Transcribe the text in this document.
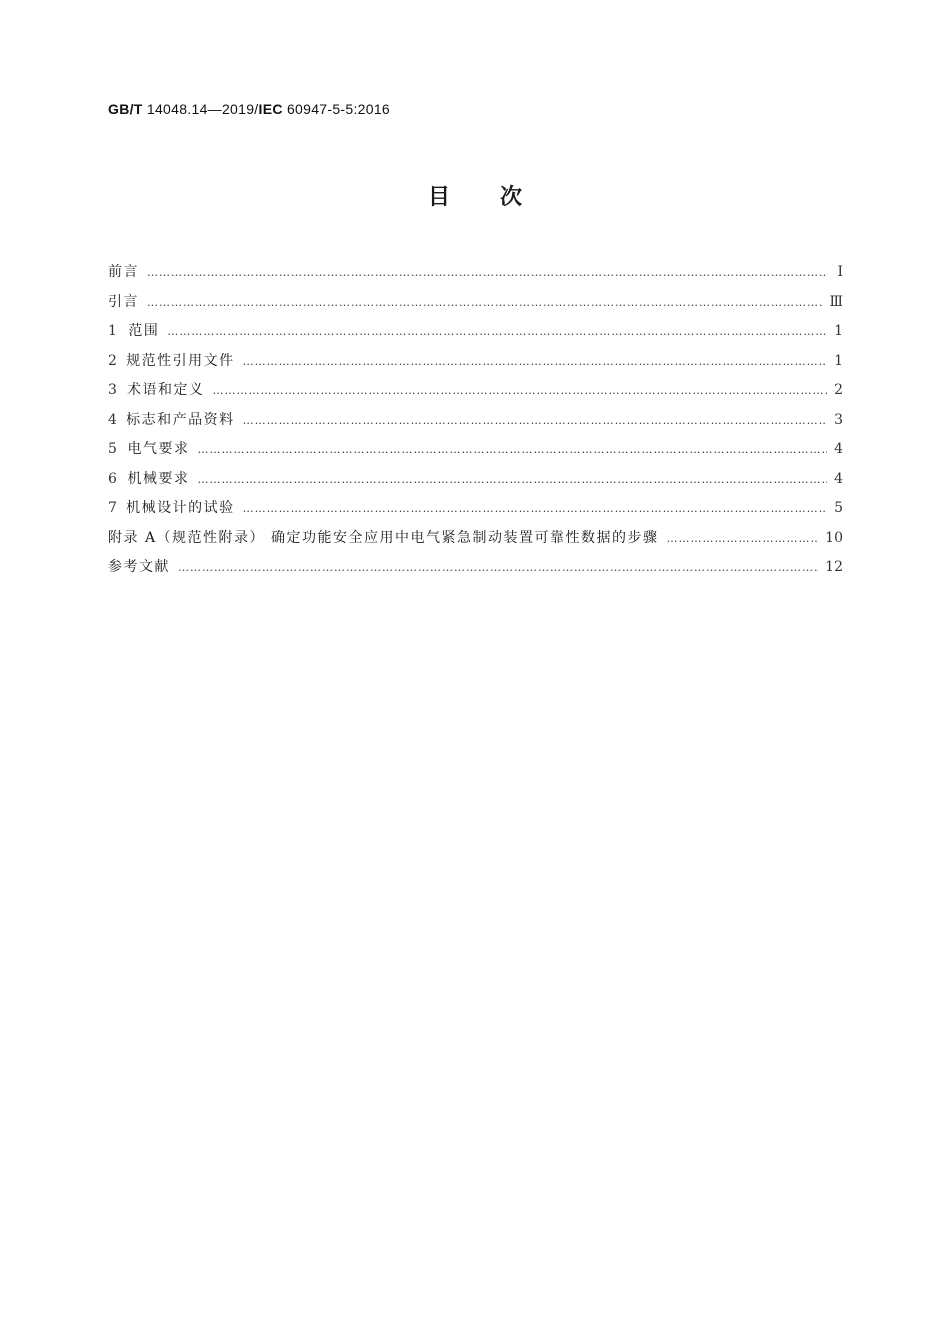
GB/T 14048.14—2019/IEC 60947-5-5:2016
目次
前言 …………………………………………………………………………………………………………………………………………………………………………………………	Ⅰ
引言 …………………………………………………………………………………………………………………………………………………………………………………………	Ⅲ
1 范围 …………………………………………………………………………………………………………………………………………………………………………………………	1
2 规范性引用文件 …………………………………………………………………………………………………………………………………………………………………………………………	1
3 术语和定义 …………………………………………………………………………………………………………………………………………………………………………………………	2
4 标志和产品资料 …………………………………………………………………………………………………………………………………………………………………………………………	3
5 电气要求 …………………………………………………………………………………………………………………………………………………………………………………………	4
6 机械要求 …………………………………………………………………………………………………………………………………………………………………………………………	4
7 机械设计的试验 …………………………………………………………………………………………………………………………………………………………………………………………	5
附录 A（规范性附录） 确定功能安全应用中电气紧急制动装置可靠性数据的步骤 …………………………………………………………………………………………………………………………………………………………………………………………	10
参考文献 …………………………………………………………………………………………………………………………………………………………………………………………	12
